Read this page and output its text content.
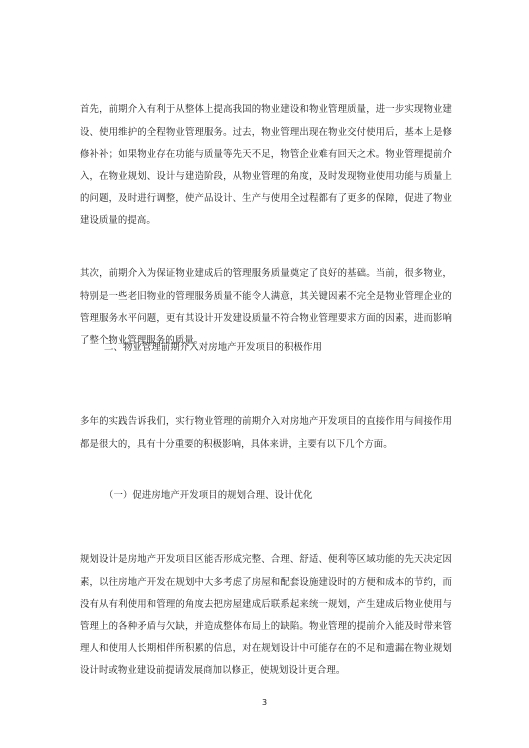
首先，前期介入有利于从整体上提高我国的物业建设和物业管理质量，进一步实现物业建设、使用维护的全程物业管理服务。过去，物业管理出现在物业交付使用后，基本上是修修补补；如果物业存在功能与质量等先天不足，物管企业难有回天之术。物业管理提前介入，在物业规划、设计与建造阶段，从物业管理的角度，及时发现物业使用功能与质量上的问题，及时进行调整，使产品设计、生产与使用全过程都有了更多的保障，促进了物业建设质量的提高。

其次，前期介入为保证物业建成后的管理服务质量奠定了良好的基础。当前，很多物业，特别是一些老旧物业的管理服务质量不能令人满意，其关键因素不完全是物业管理企业的管理服务水平问题，更有其设计开发建设质量不符合物业管理要求方面的因素，进而影响了整个物业管理服务的质量。

二、物业管理前期介入对房地产开发项目的积极作用

多年的实践告诉我们，实行物业管理的前期介入对房地产开发项目的直接作用与间接作用都是很大的，具有十分重要的积极影响，具体来讲，主要有以下几个方面。

（一）促进房地产开发项目的规划合理、设计优化

规划设计是房地产开发项目区能否形成完整、合理、舒适、便利等区域功能的先天决定因素，以往房地产开发在规划中大多考虑了房屋和配套设施建设时的方便和成本的节约，而没有从有利使用和管理的角度去把房屋建成后联系起来统一规划，产生建成后物业使用与管理上的各种矛盾与欠缺，并造成整体布局上的缺陷。物业管理的提前介入能及时带来管理人和使用人长期相伴所积累的信息，对在规划设计中可能存在的不足和遗漏在物业规划设计时或物业建设前提请发展商加以修正，使规划设计更合理。

3
